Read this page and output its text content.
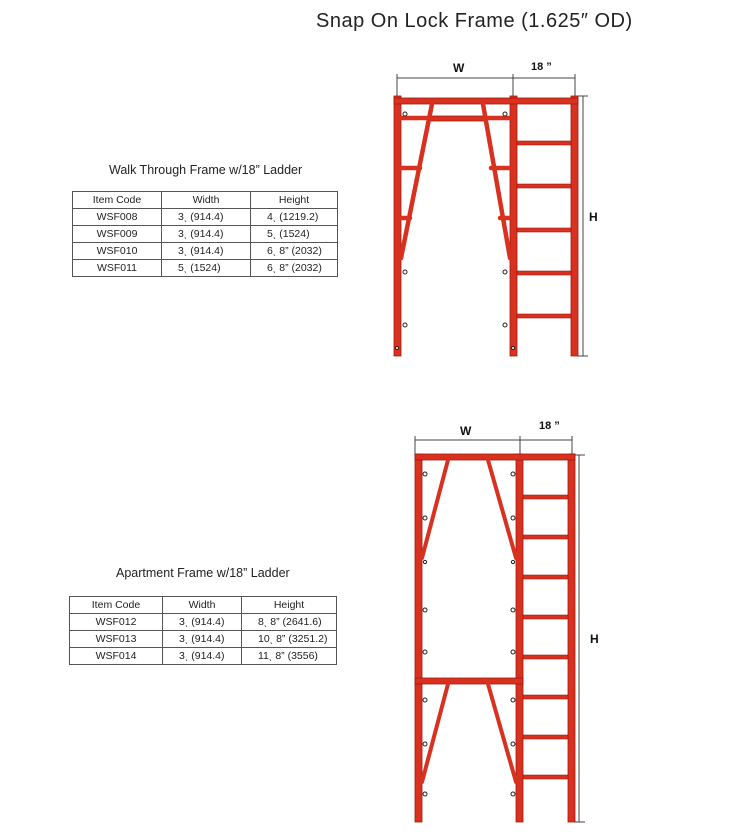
Snap On Lock Frame (1.625″ OD)
Walk Through Frame w/18” Ladder
Item Code	Width	Height
WSF008	3ˎ (914.4)	4ˎ (1219.2)
WSF009	3ˎ (914.4)	5ˎ (1524)
WSF010	3ˎ (914.4)	6ˎ 8” (2032)
WSF011	5ˎ (1524)	6ˎ 8” (2032)
Apartment Frame w/18” Ladder
Item Code	Width	Height
WSF012	3ˎ (914.4)	8ˎ 8” (2641.6)
WSF013	3ˎ (914.4)	10ˎ 8” (3251.2)
WSF014	3ˎ (914.4)	11ˎ 8” (3556)
W	18 ”
H
W	18 ”
H
